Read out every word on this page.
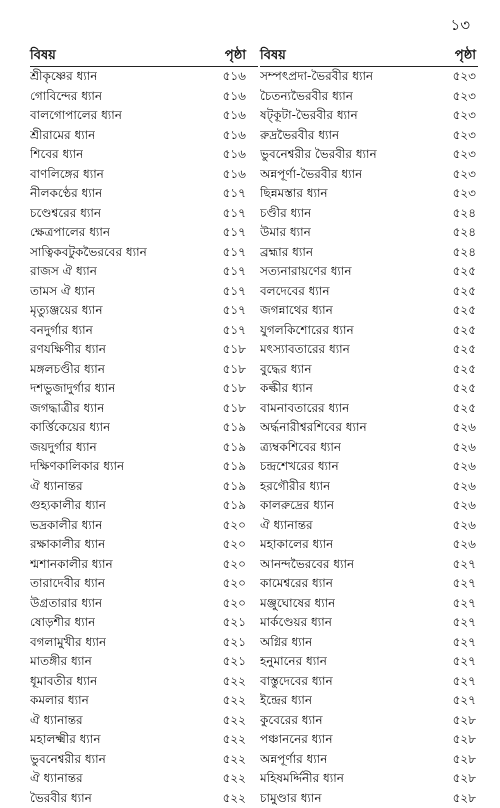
১৩
বিষয়	পৃষ্ঠা
শ্রীকৃষ্ণের ধ্যান	৫১৬
গোবিন্দের ধ্যান	৫১৬
বালগোপালের ধ্যান	৫১৬
শ্রীরামের ধ্যান	৫১৬
শিবের ধ্যান	৫১৬
বাণলিঙ্গের ধ্যান	৫১৬
নীলকণ্ঠের ধ্যান	৫১৭
চণ্ডেশ্বরের ধ্যান	৫১৭
ক্ষেত্রপালের ধ্যান	৫১৭
সাত্বিকবটুকভৈরবের ধ্যান	৫১৭
রাজস ঐ ধ্যান	৫১৭
তামস ঐ ধ্যান	৫১৭
মৃত্যুঞ্জয়ের ধ্যান	৫১৭
বনদুর্গার ধ্যান	৫১৭
রণযক্ষিণীর ধ্যান	৫১৮
মঙ্গলচণ্ডীর ধ্যান	৫১৮
দশভুজাদুর্গার ধ্যান	৫১৮
জগদ্ধাত্রীর ধ্যান	৫১৮
কার্ত্তিকেয়ের ধ্যান	৫১৯
জয়দুর্গার ধ্যান	৫১৯
দক্ষিণকালিকার ধ্যান	৫১৯
ঐ ধ্যানান্তর	৫১৯
গুহ্যকালীর ধ্যান	৫১৯
ভদ্রকালীর ধ্যান	৫২০
রক্ষাকালীর ধ্যান	৫২০
শ্মশানকালীর ধ্যান	৫২০
তারাদেবীর ধ্যান	৫২০
উগ্রতারার ধ্যান	৫২০
ষোড়শীর ধ্যান	৫২১
বগলামুখীর ধ্যান	৫২১
মাতঙ্গীর ধ্যান	৫২১
ধূমাবতীর ধ্যান	৫২২
কমলার ধ্যান	৫২২
ঐ ধ্যানান্তর	৫২২
মহালক্ষ্মীর ধ্যান	৫২২
ভুবনেশ্বরীর ধ্যান	৫২২
ঐ ধ্যানান্তর	৫২২
ভৈরবীর ধ্যান	৫২২
বিষয়	পৃষ্ঠা
সম্পৎপ্রদা-ভৈরবীর ধ্যান	৫২৩
চৈতন্যভৈরবীর ধ্যান	৫২৩
ষট্‌কূটা-ভৈরবীর ধ্যান	৫২৩
রুদ্রভৈরবীর ধ্যান	৫২৩
ভুবনেশ্বরীর ভৈরবীর ধ্যান	৫২৩
অন্নপূর্ণা-ভৈরবীর ধ্যান	৫২৩
ছিন্নমস্তার ধ্যান	৫২৩
চণ্ডীর ধ্যান	৫২৪
উমার ধ্যান	৫২৪
ব্রহ্মার ধ্যান	৫২৪
সত্যনারায়ণের ধ্যান	৫২৫
বলদেবের ধ্যান	৫২৫
জগন্নাথের ধ্যান	৫২৫
যুগলকিশোরের ধ্যান	৫২৫
মৎস্যাবতারের ধ্যান	৫২৫
বুদ্ধের ধ্যান	৫২৫
কল্কীর ধ্যান	৫২৫
বামনাবতারের ধ্যান	৫২৫
অর্দ্ধনারীশ্বরশিবের ধ্যান	৫২৬
ত্র্যম্বকশিবের ধ্যান	৫২৬
চন্দ্রশেখরের ধ্যান	৫২৬
হরগৌরীর ধ্যান	৫২৬
কালরুদ্রের ধ্যান	৫২৬
ঐ ধ্যানান্তর	৫২৬
মহাকালের ধ্যান	৫২৬
আনন্দভৈরবের ধ্যান	৫২৭
কামেশ্বরের ধ্যান	৫২৭
মঞ্জুঘোষের ধ্যান	৫২৭
মার্কণ্ডেয়র ধ্যান	৫২৭
অগ্নির ধ্যান	৫২৭
হনুমানের ধ্যান	৫২৭
বাস্তুদেবের ধ্যান	৫২৭
ইন্দ্রের ধ্যান	৫২৭
কুবেরের ধ্যান	৫২৮
পঞ্চাননের ধ্যান	৫২৮
অন্নপূর্ণার ধ্যান	৫২৮
মহিষমর্দ্দিনীর ধ্যান	৫২৮
চামুণ্ডার ধ্যান	৫২৮
